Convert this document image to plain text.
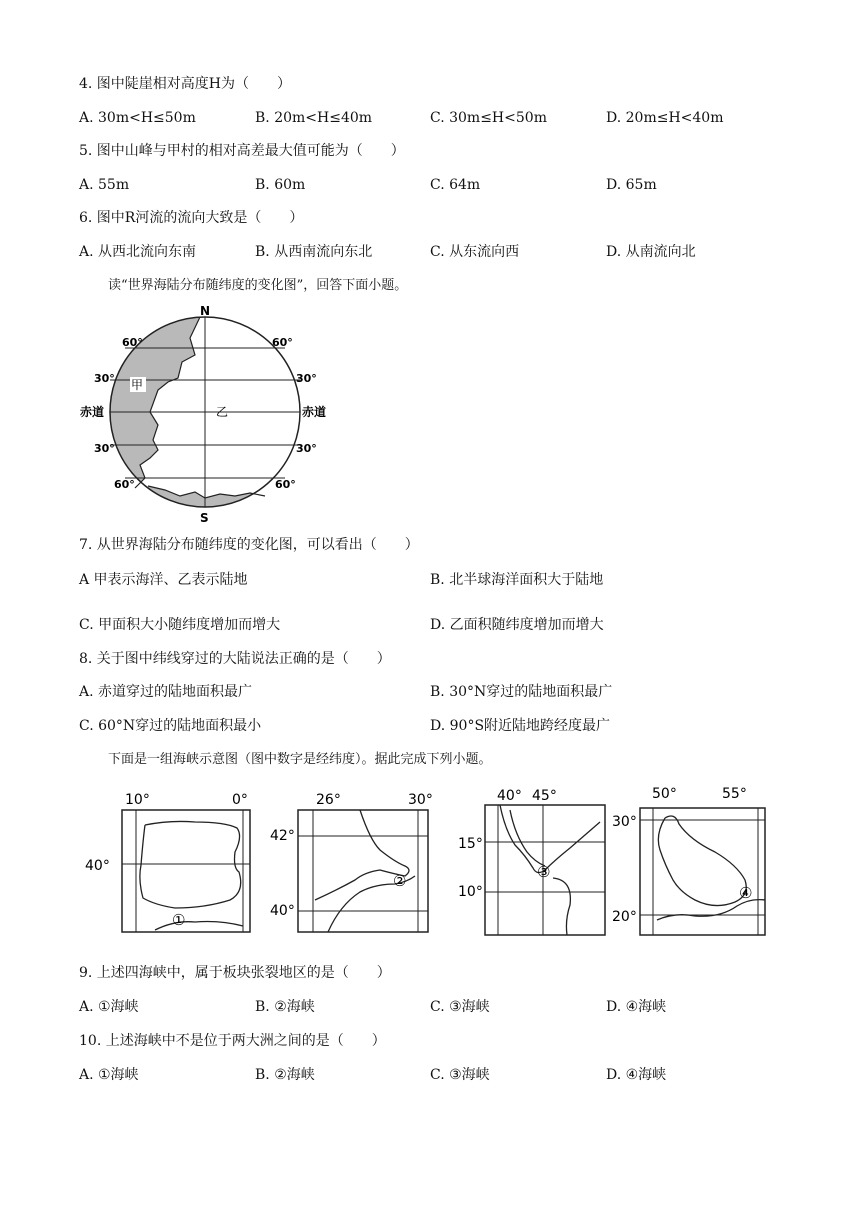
4. 图中陡崖相对高度H为（　　）
A. 30m<H≤50m	B. 20m<H≤40m	C. 30m≤H<50m	D. 20m≤H<40m
5. 图中山峰与甲村的相对高差最大值可能为（　　）
A. 55m	B. 60m	C. 64m	D. 65m
6. 图中R河流的流向大致是（　　）
A. 从西北流向东南	B. 从西南流向东北	C. 从东流向西	D. 从南流向北
读“世界海陆分布随纬度的变化图”，回答下面小题。
N
S
60°	60°
30°	30°
赤道	赤道
30°	30°
60°	60°
甲
乙
7. 从世界海陆分布随纬度的变化图，可以看出（　　）
A 甲表示海洋、乙表示陆地	B. 北半球海洋面积大于陆地
C. 甲面积大小随纬度增加而增大	D. 乙面积随纬度增加而增大
8. 关于图中纬线穿过的大陆说法正确的是（　　）
A. 赤道穿过的陆地面积最广	B. 30°N穿过的陆地面积最广
C. 60°N穿过的陆地面积最小	D. 90°S附近陆地跨经度最广
下面是一组海峡示意图（图中数字是经纬度）。据此完成下列小题。
10°	0°
40°
①
26°	30°
42°
40°
②
40° 45°
15°
10°
③
50°	55°
30°
20°
④
9. 上述四海峡中，属于板块张裂地区的是（　　）
A. ①海峡	B. ②海峡	C. ③海峡	D. ④海峡
10. 上述海峡中不是位于两大洲之间的是（　　）
A. ①海峡	B. ②海峡	C. ③海峡	D. ④海峡
